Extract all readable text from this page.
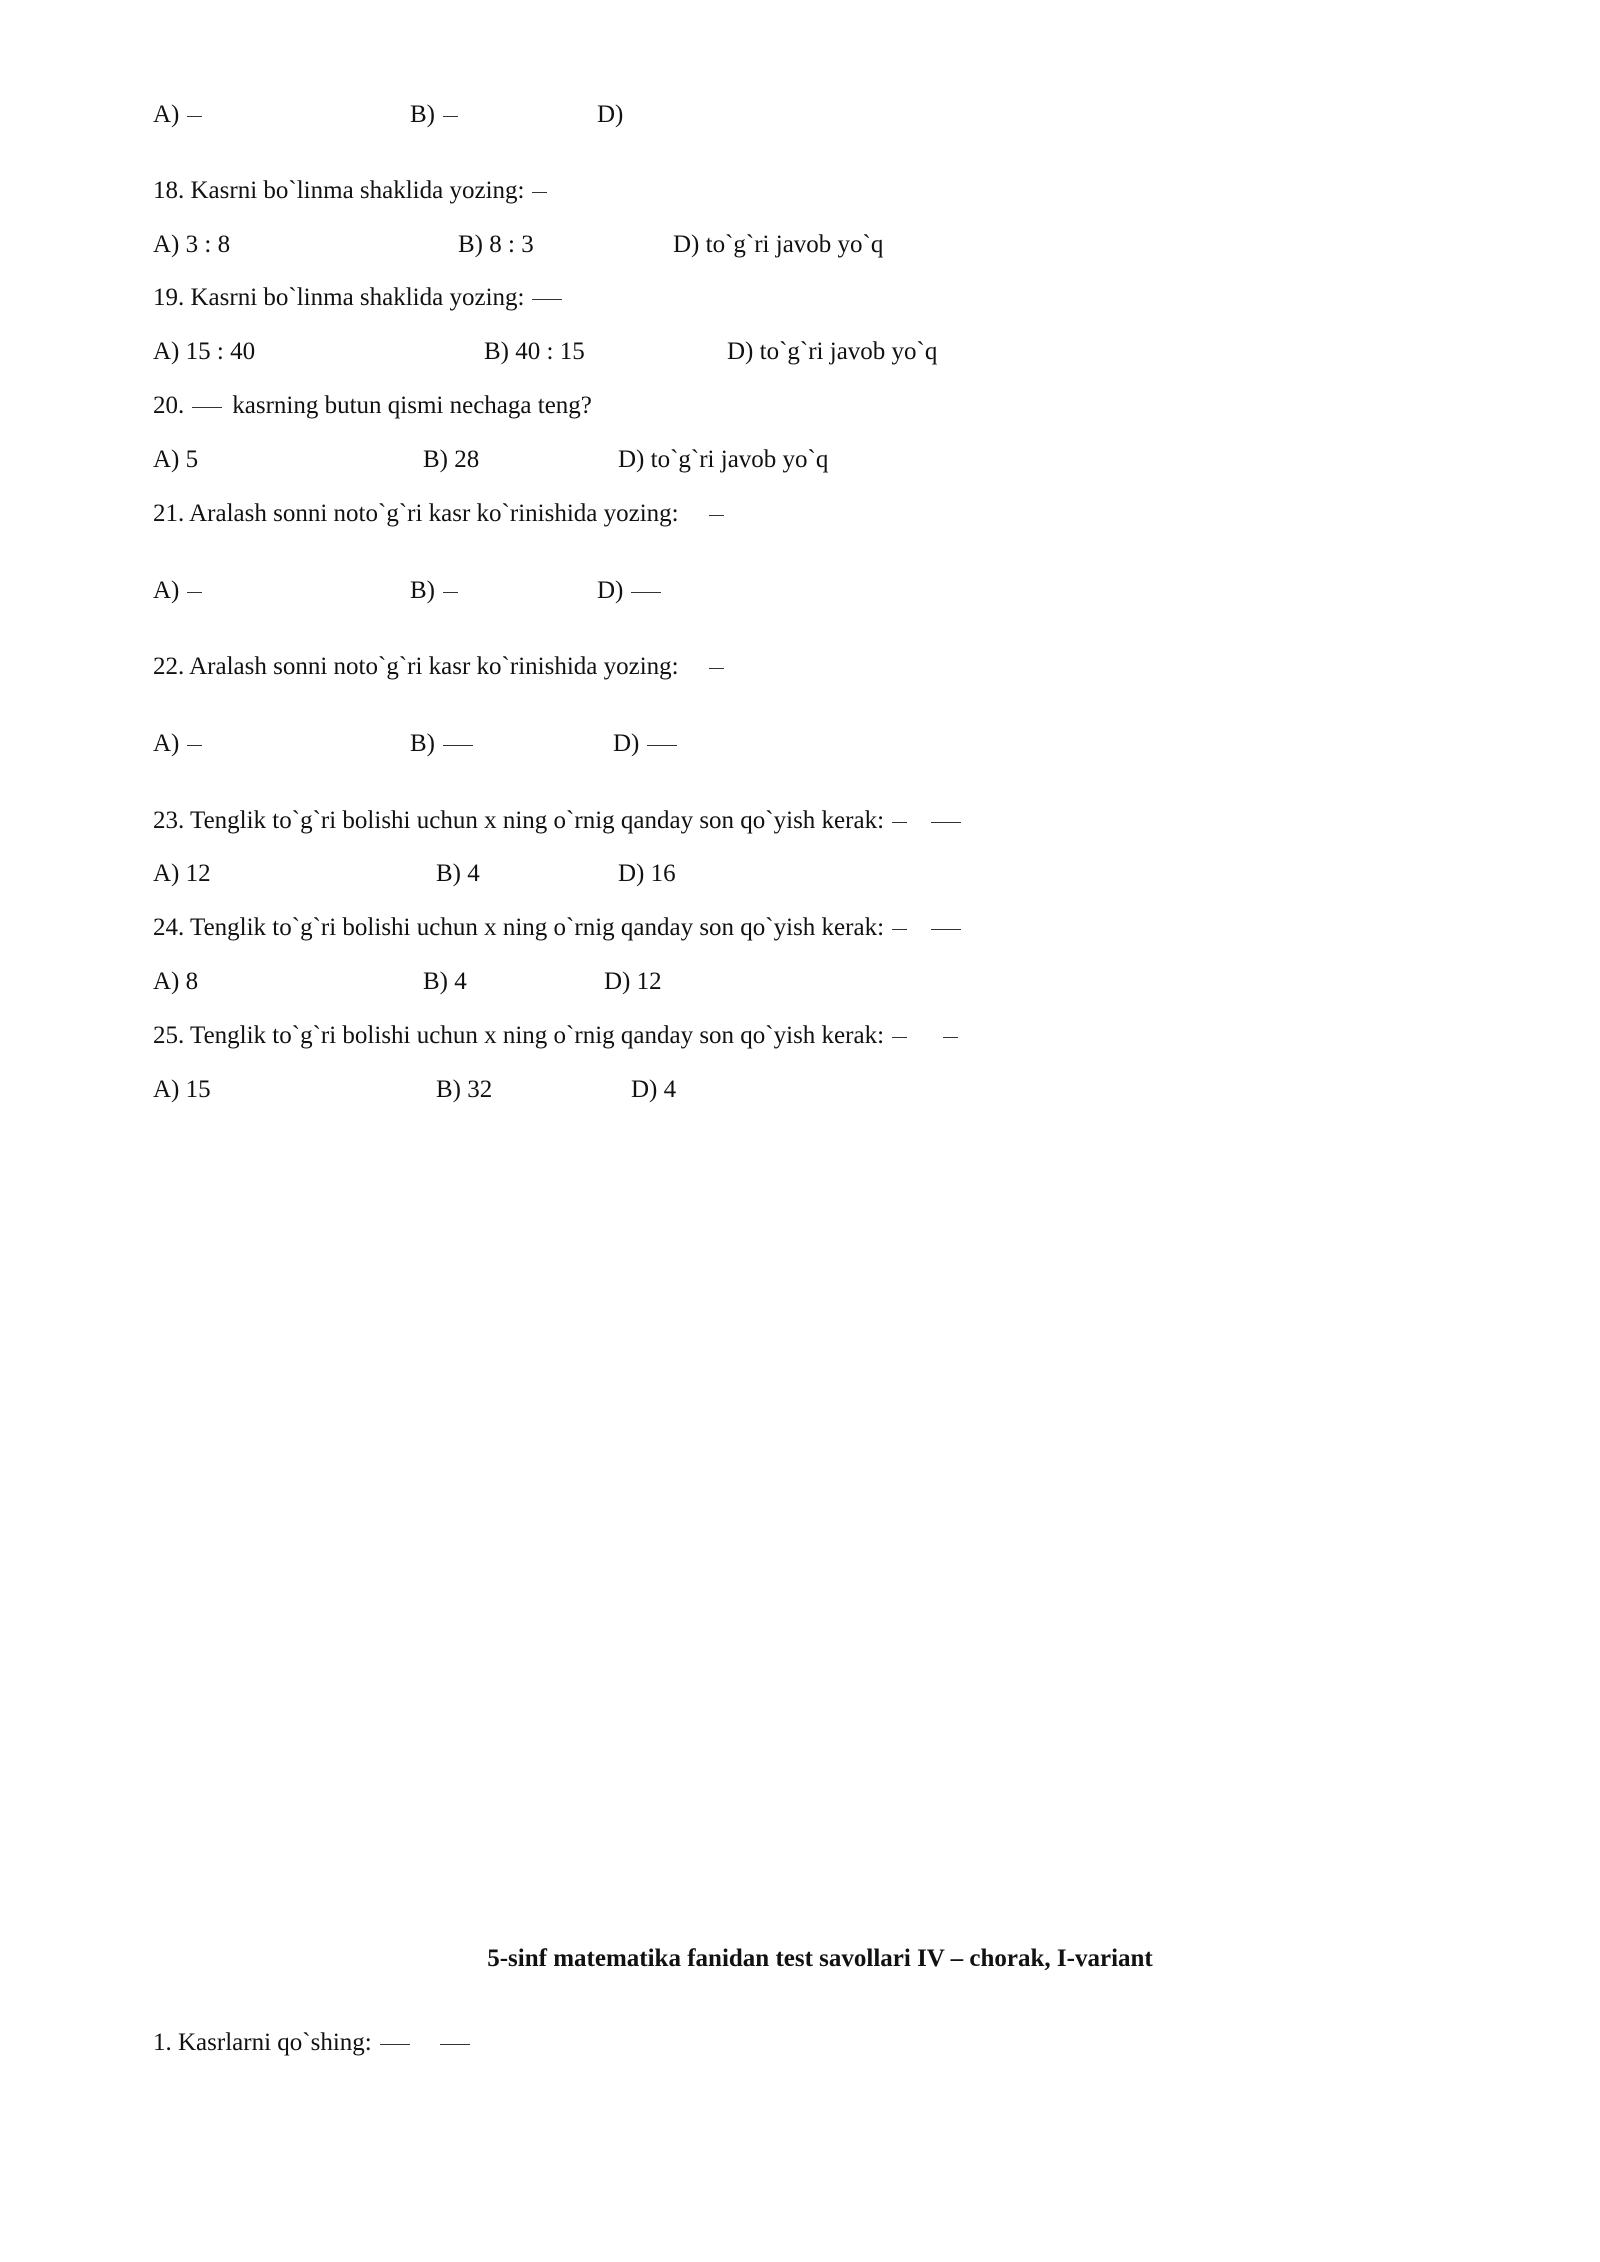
A)	B)	D)
18. Kasrni bo`linma shaklida yozing:
A) 3 : 8	B) 8 : 3	D) to`g`ri javob yo`q
19. Kasrni bo`linma shaklida yozing:
A) 15 : 40	B) 40 : 15	D) to`g`ri javob yo`q
20. kasrning butun qismi nechaga teng?
A) 5	B) 28	D) to`g`ri javob yo`q
21. Aralash sonni noto`g`ri kasr ko`rinishida yozing:
A)	B)	D)
22. Aralash sonni noto`g`ri kasr ko`rinishida yozing:
A)	B)	D)
23. Tenglik to`g`ri bolishi uchun x ning o`rnig qanday son qo`yish kerak:
A) 12	B) 4	D) 16
24. Tenglik to`g`ri bolishi uchun x ning o`rnig qanday son qo`yish kerak:
A) 8	B) 4	D) 12
25. Tenglik to`g`ri bolishi uchun x ning o`rnig qanday son qo`yish kerak:
A) 15	B) 32	D) 4
5-sinf matematika fanidan test savollari IV – chorak, I-variant
1. Kasrlarni qo`shing:
